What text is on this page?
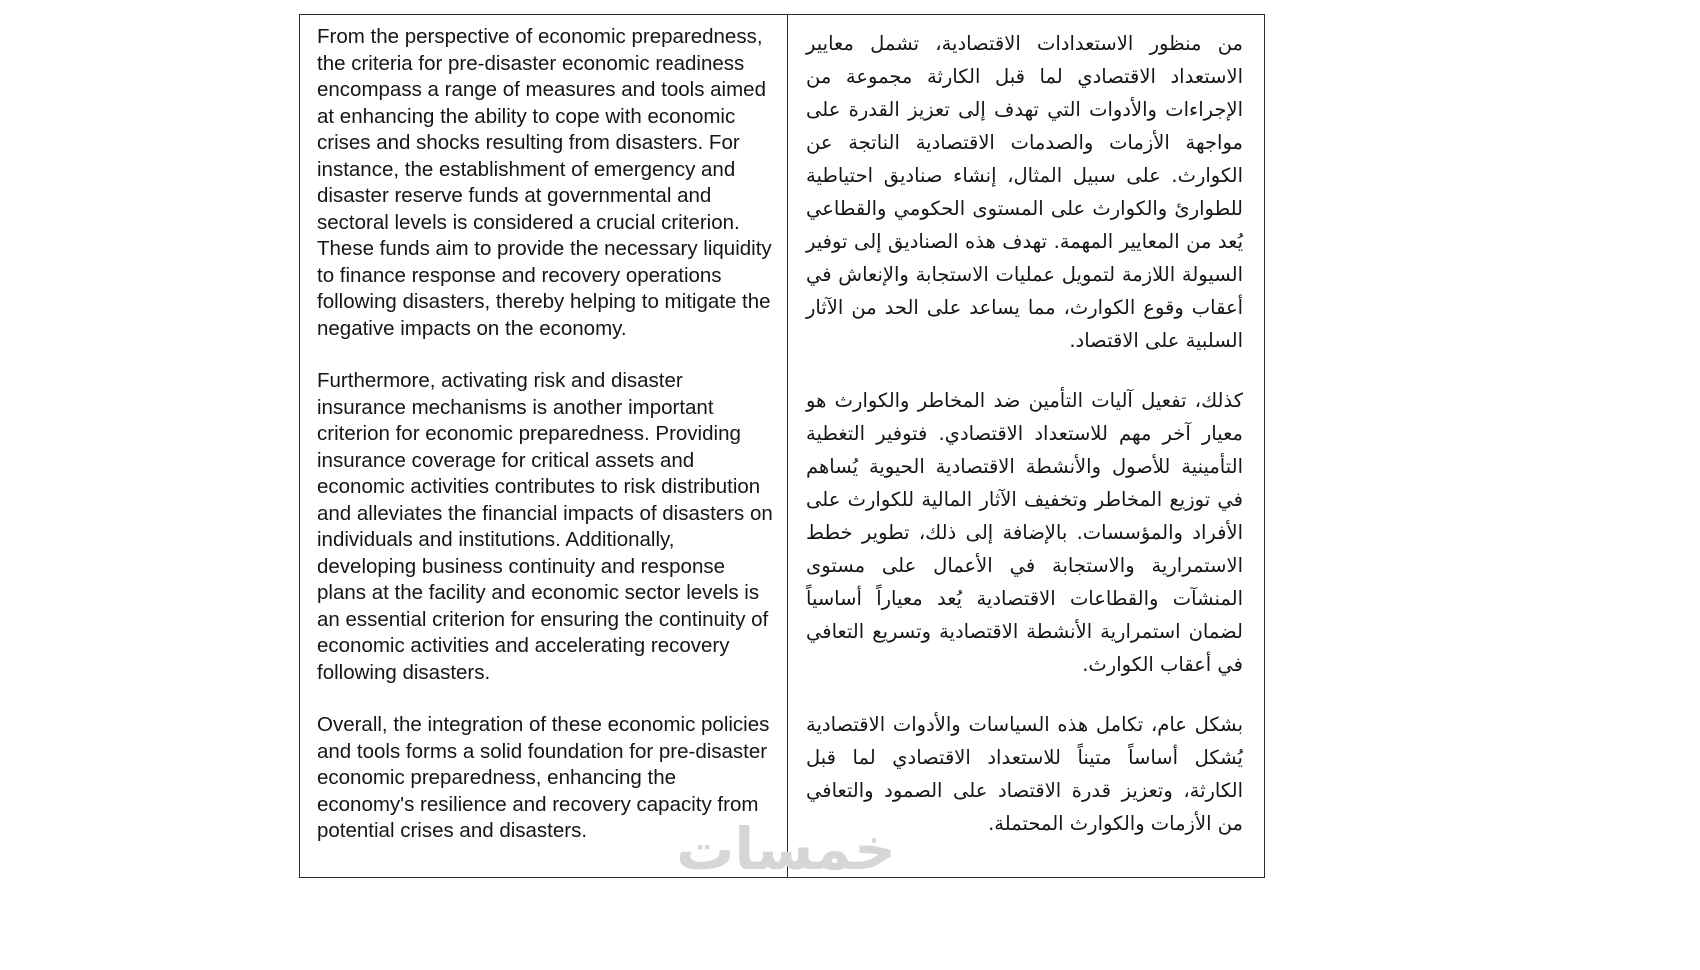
From the perspective of economic preparedness, the criteria for pre-disaster economic readiness encompass a range of measures and tools aimed at enhancing the ability to cope with economic crises and shocks resulting from disasters. For instance, the establishment of emergency and disaster reserve funds at governmental and sectoral levels is considered a crucial criterion. These funds aim to provide the necessary liquidity to finance response and recovery operations following disasters, thereby helping to mitigate the negative impacts on the economy.

Furthermore, activating risk and disaster insurance mechanisms is another important criterion for economic preparedness. Providing insurance coverage for critical assets and economic activities contributes to risk distribution and alleviates the financial impacts of disasters on individuals and institutions. Additionally, developing business continuity and response plans at the facility and economic sector levels is an essential criterion for ensuring the continuity of economic activities and accelerating recovery following disasters.

Overall, the integration of these economic policies and tools forms a solid foundation for pre-disaster economic preparedness, enhancing the economy's resilience and recovery capacity from potential crises and disasters.

من منظور الاستعدادات الاقتصادية، تشمل معايير الاستعداد الاقتصادي لما قبل الكارثة مجموعة من الإجراءات والأدوات التي تهدف إلى تعزيز القدرة على مواجهة الأزمات والصدمات الاقتصادية الناتجة عن الكوارث. على سبيل المثال، إنشاء صناديق احتياطية للطوارئ والكوارث على المستوى الحكومي والقطاعي يُعد من المعايير المهمة. تهدف هذه الصناديق إلى توفير السيولة اللازمة لتمويل عمليات الاستجابة والإنعاش في أعقاب وقوع الكوارث، مما يساعد على الحد من الآثار السلبية على الاقتصاد.

كذلك، تفعيل آليات التأمين ضد المخاطر والكوارث هو معيار آخر مهم للاستعداد الاقتصادي. فتوفير التغطية التأمينية للأصول والأنشطة الاقتصادية الحيوية يُساهم في توزيع المخاطر وتخفيف الآثار المالية للكوارث على الأفراد والمؤسسات. بالإضافة إلى ذلك، تطوير خطط الاستمرارية والاستجابة في الأعمال على مستوى المنشآت والقطاعات الاقتصادية يُعد معياراً أساسياً لضمان استمرارية الأنشطة الاقتصادية وتسريع التعافي في أعقاب الكوارث.

بشكل عام، تكامل هذه السياسات والأدوات الاقتصادية يُشكل أساساً متيناً للاستعداد الاقتصادي لما قبل الكارثة، وتعزيز قدرة الاقتصاد على الصمود والتعافي من الأزمات والكوارث المحتملة.

خمسات
